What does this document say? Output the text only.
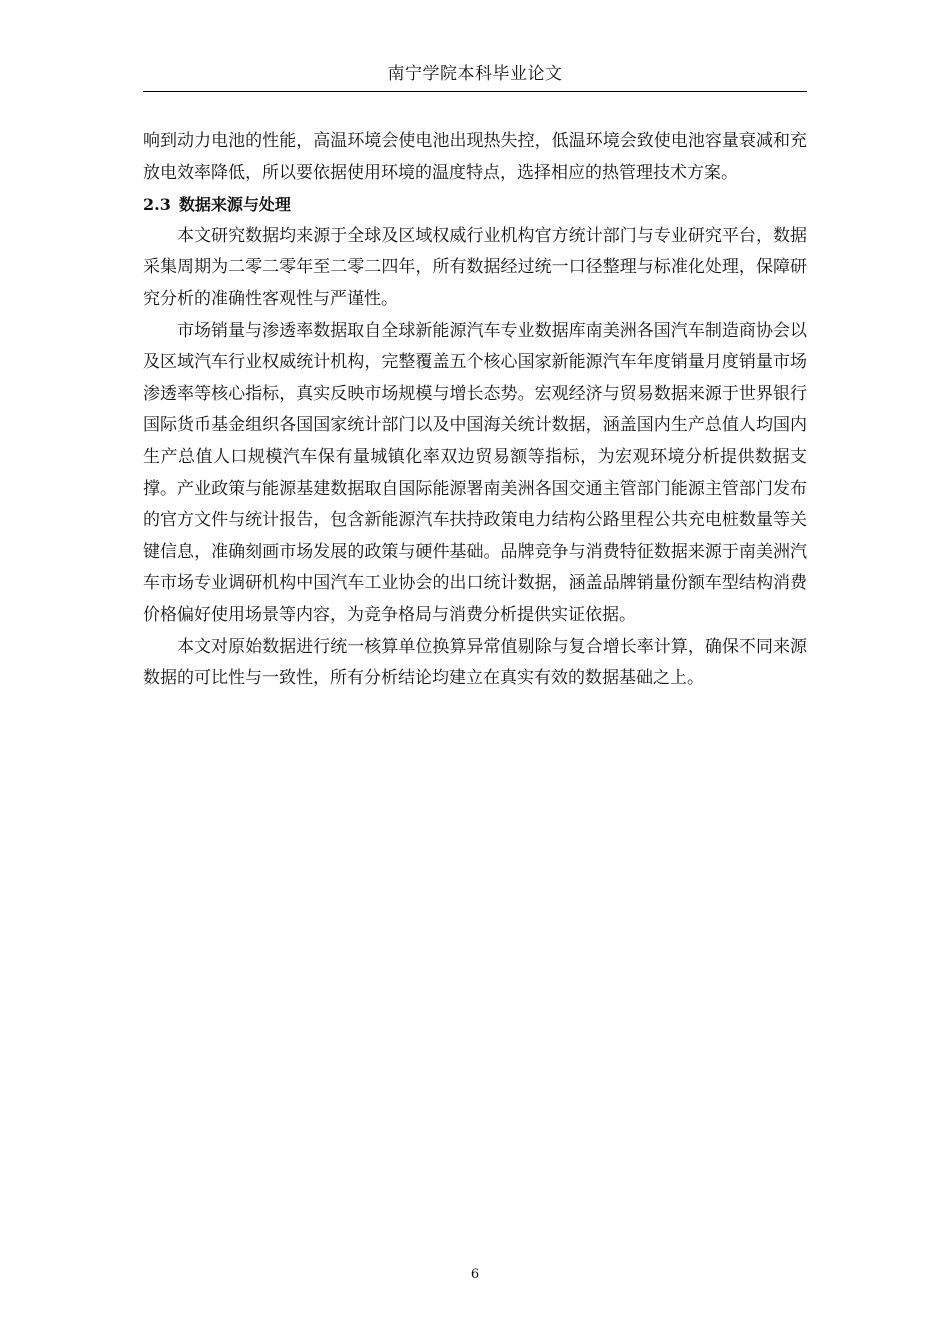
南宁学院本科毕业论文

响到动力电池的性能，高温环境会使电池出现热失控，低温环境会致使电池容量衰减和充放电效率降低，所以要依据使用环境的温度特点，选择相应的热管理技术方案。

2.3 数据来源与处理

本文研究数据均来源于全球及区域权威行业机构官方统计部门与专业研究平台，数据采集周期为二零二零年至二零二四年，所有数据经过统一口径整理与标准化处理，保障研究分析的准确性客观性与严谨性。

市场销量与渗透率数据取自全球新能源汽车专业数据库南美洲各国汽车制造商协会以及区域汽车行业权威统计机构，完整覆盖五个核心国家新能源汽车年度销量月度销量市场渗透率等核心指标，真实反映市场规模与增长态势。宏观经济与贸易数据来源于世界银行国际货币基金组织各国国家统计部门以及中国海关统计数据，涵盖国内生产总值人均国内生产总值人口规模汽车保有量城镇化率双边贸易额等指标，为宏观环境分析提供数据支撑。产业政策与能源基建数据取自国际能源署南美洲各国交通主管部门能源主管部门发布的官方文件与统计报告，包含新能源汽车扶持政策电力结构公路里程公共充电桩数量等关键信息，准确刻画市场发展的政策与硬件基础。品牌竞争与消费特征数据来源于南美洲汽车市场专业调研机构中国汽车工业协会的出口统计数据，涵盖品牌销量份额车型结构消费价格偏好使用场景等内容，为竞争格局与消费分析提供实证依据。

本文对原始数据进行统一核算单位换算异常值剔除与复合增长率计算，确保不同来源数据的可比性与一致性，所有分析结论均建立在真实有效的数据基础之上。

6
